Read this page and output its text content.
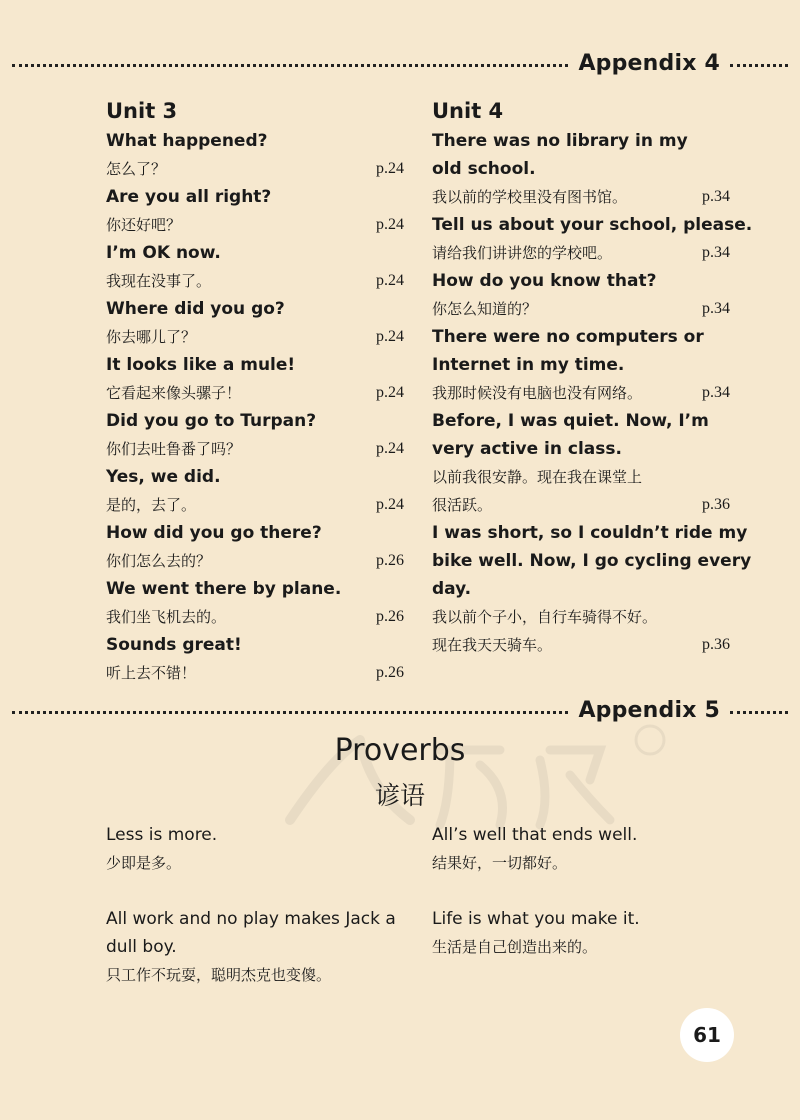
Appendix 4
Unit 3
What happened?
怎么了？	p.24
Are you all right?
你还好吧？	p.24
I’m OK now.
我现在没事了。	p.24
Where did you go?
你去哪儿了？	p.24
It looks like a mule!
它看起来像头骡子！	p.24
Did you go to Turpan?
你们去吐鲁番了吗？	p.24
Yes, we did.
是的，去了。	p.24
How did you go there?
你们怎么去的？	p.26
We went there by plane.
我们坐飞机去的。	p.26
Sounds great!
听上去不错！	p.26
Unit 4
There was no library in my
old school.
我以前的学校里没有图书馆。	p.34
Tell us about your school, please.
请给我们讲讲您的学校吧。	p.34
How do you know that?
你怎么知道的？	p.34
There were no computers or
Internet in my time.
我那时候没有电脑也没有网络。	p.34
Before, I was quiet. Now, I’m
very active in class.
以前我很安静。现在我在课堂上
很活跃。	p.36
I was short, so I couldn’t ride my
bike well. Now, I go cycling every
day.
我以前个子小，自行车骑得不好。
现在我天天骑车。	p.36
Appendix 5
Proverbs
谚语
Less is more.
少即是多。
All work and no play makes Jack a
dull boy.
只工作不玩耍，聪明杰克也变傻。
All’s well that ends well.
结果好，一切都好。
Life is what you make it.
生活是自己创造出来的。
61
